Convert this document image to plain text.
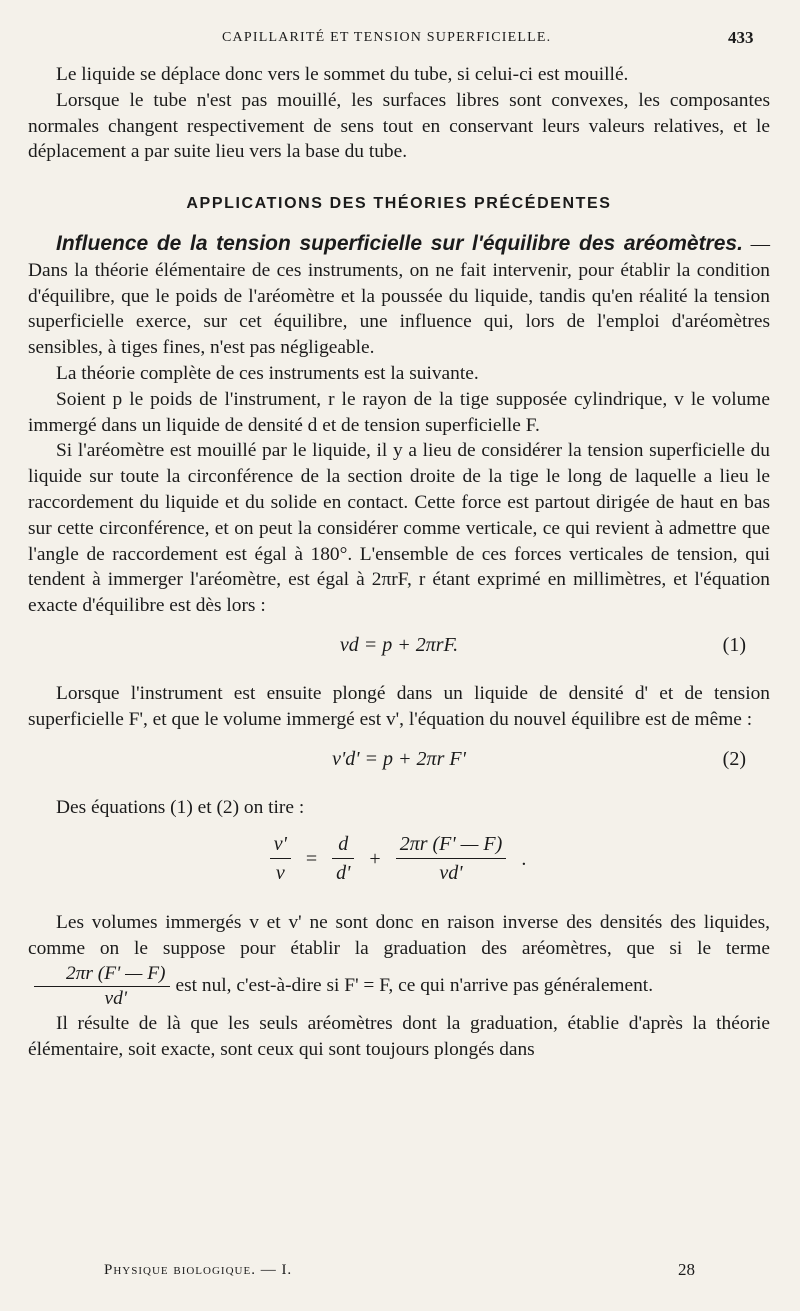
CAPILLARITÉ ET TENSION SUPERFICIELLE.	433

Le liquide se déplace donc vers le sommet du tube, si celui-ci est mouillé.

Lorsque le tube n'est pas mouillé, les surfaces libres sont convexes, les composantes normales changent respectivement de sens tout en conservant leurs valeurs relatives, et le déplacement a par suite lieu vers la base du tube.

APPLICATIONS DES THÉORIES PRÉCÉDENTES

Influence de la tension superficielle sur l'équilibre des aréomètres. — Dans la théorie élémentaire de ces instruments, on ne fait intervenir, pour établir la condition d'équilibre, que le poids de l'aréomètre et la poussée du liquide, tandis qu'en réalité la tension superficielle exerce, sur cet équilibre, une influence qui, lors de l'emploi d'aréomètres sensibles, à tiges fines, n'est pas négligeable.

La théorie complète de ces instruments est la suivante.

Soient p le poids de l'instrument, r le rayon de la tige supposée cylindrique, v le volume immergé dans un liquide de densité d et de tension superficielle F.

Si l'aréomètre est mouillé par le liquide, il y a lieu de considérer la tension superficielle du liquide sur toute la circonférence de la section droite de la tige le long de laquelle a lieu le raccordement du liquide et du solide en contact. Cette force est partout dirigée de haut en bas sur cette circonférence, et on peut la considérer comme verticale, ce qui revient à admettre que l'angle de raccordement est égal à 180°. L'ensemble de ces forces verticales de tension, qui tendent à immerger l'aréomètre, est égal à 2πrF, r étant exprimé en millimètres, et l'équation exacte d'équilibre est dès lors :

vd = p + 2πrF.	(1)

Lorsque l'instrument est ensuite plongé dans un liquide de densité d' et de tension superficielle F', et que le volume immergé est v', l'équation du nouvel équilibre est de même :

v'd' = p + 2πr F'	(2)

Des équations (1) et (2) on tire :

$\frac{v'}{v} = \frac{d}{d'} + \frac{2\pi r (F' — F)}{vd'}$ .

Les volumes immergés v et v' ne sont donc en raison inverse des densités des liquides, comme on le suppose pour établir la graduation des aréomètres, que si le terme
$\frac{2\pi r (F' — F)}{vd'}$ est nul, c'est-à-dire si F' = F, ce qui n'arrive pas généralement.

Il résulte de là que les seuls aréomètres dont la graduation, établie d'après la théorie élémentaire, soit exacte, sont ceux qui sont toujours plongés dans

Physique biologique. — I.	28
